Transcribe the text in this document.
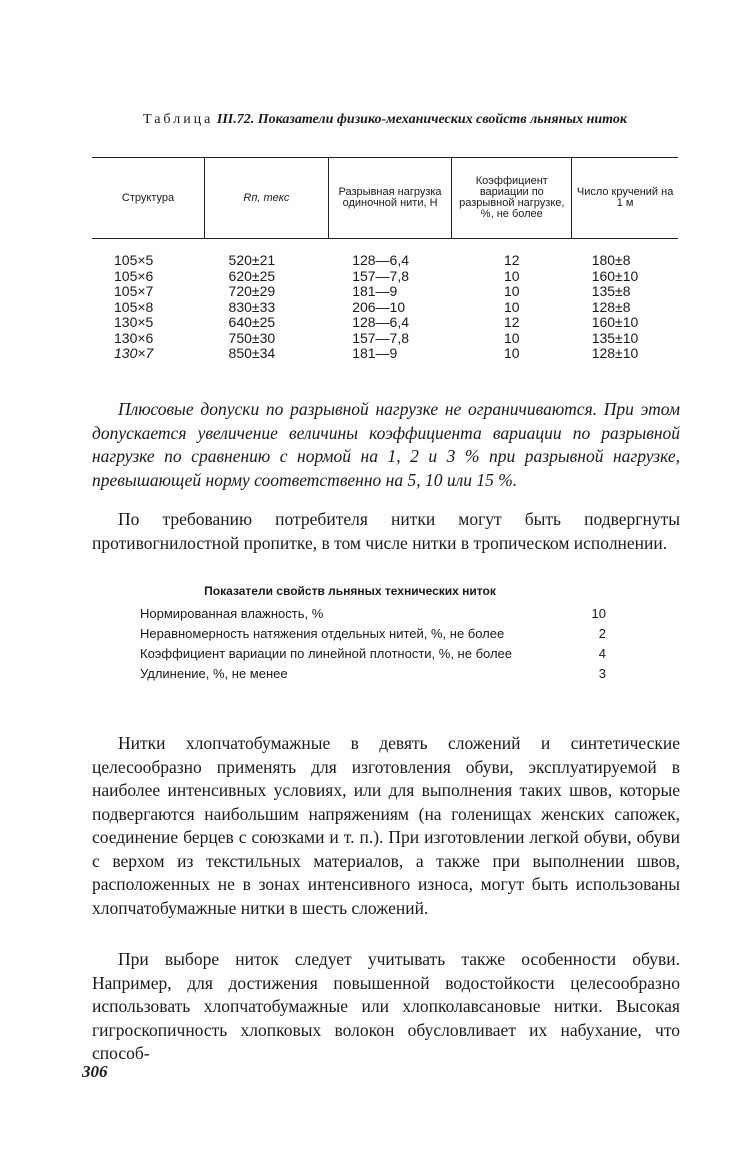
Таблица III.72. Показатели физико-механических свойств льняных ниток
Структура	Rп, текс	Разрывная нагрузка одиночной нити, Н	Коэффициент вариации по разрывной нагрузке, %, не более	Число кручений на 1 м
105×5	520±21	128—6,4	12	180±8
105×6	620±25	157—7,8	10	160±10
105×7	720±29	181—9	10	135±8
105×8	830±33	206—10	10	128±8
130×5	640±25	128—6,4	12	160±10
130×6	750±30	157—7,8	10	135±10
130×7	850±34	181—9	10	128±10

Плюсовые допуски по разрывной нагрузке не ограничиваются. При этом допускается увеличение величины коэффициента вариации по разрывной нагрузке по сравнению с нормой на 1, 2 и 3 % при разрывной нагрузке, превышающей норму соответственно на 5, 10 или 15 %.

По требованию потребителя нитки могут быть подвергнуты противогнилостной пропитке, в том числе нитки в тропическом исполнении.

Показатели свойств льняных технических ниток
Нормированная влажность, %	10
Неравномерность натяжения отдельных нитей, %, не более	2
Коэффициент вариации по линейной плотности, %, не более	4
Удлинение, %, не менее	3

Нитки хлопчатобумажные в девять сложений и синтетические целесообразно применять для изготовления обуви, эксплуатируемой в наиболее интенсивных условиях, или для выполнения таких швов, которые подвергаются наибольшим напряжениям (на голенищах женских сапожек, соединение берцев с союзками и т. п.). При изготовлении легкой обуви, обуви с верхом из текстильных материалов, а также при выполнении швов, расположенных не в зонах интенсивного износа, могут быть использованы хлопчатобумажные нитки в шесть сложений.

При выборе ниток следует учитывать также особенности обуви. Например, для достижения повышенной водостойкости целесообразно использовать хлопчатобумажные или хлопколавсановые нитки. Высокая гигроскопичность хлопковых волокон обусловливает их набухание, что способ-

306
